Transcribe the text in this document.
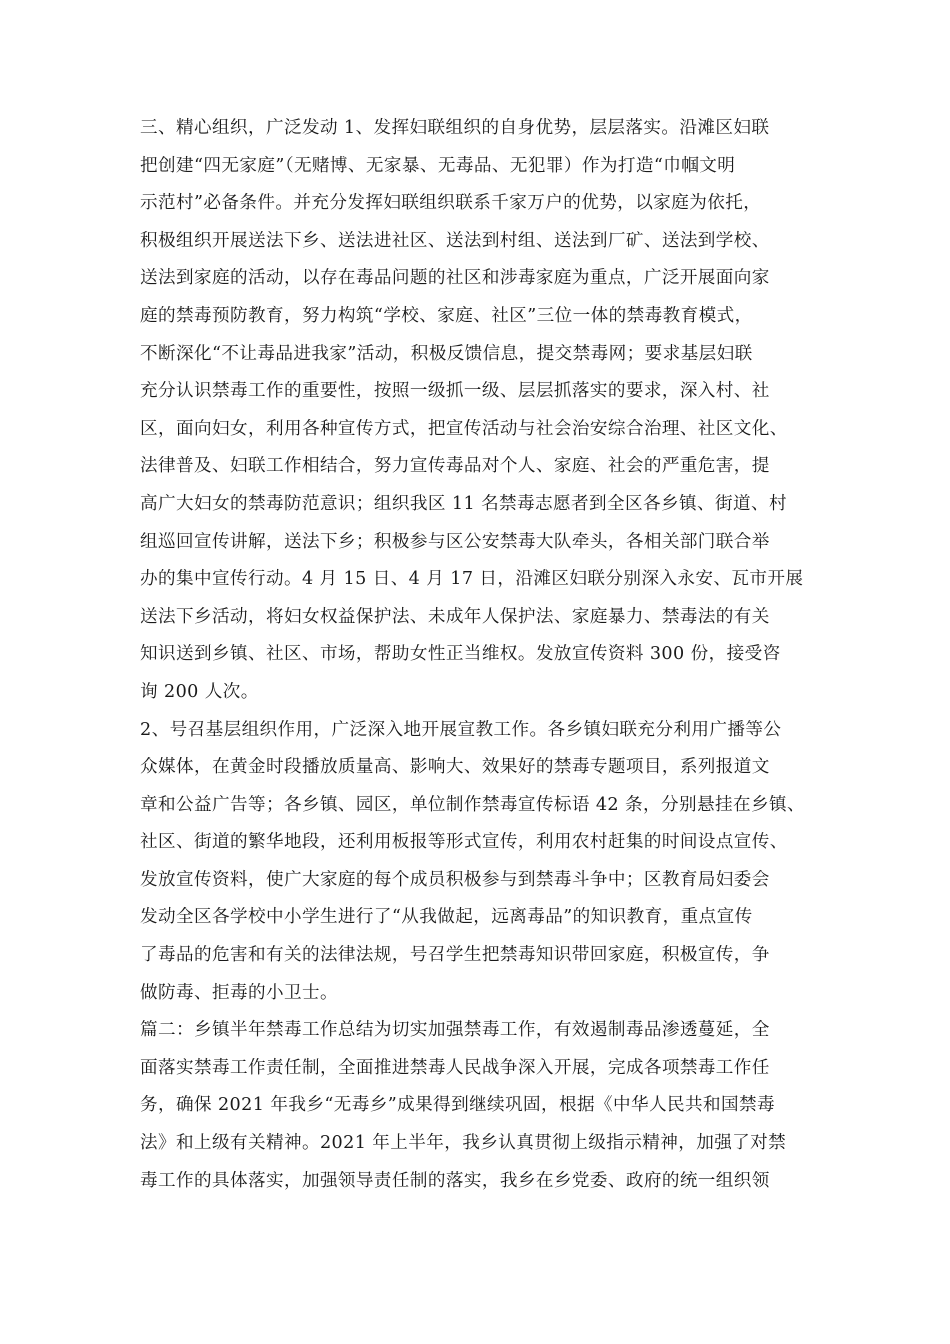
三、精心组织，广泛发动 1、发挥妇联组织的自身优势，层层落实。沿滩区妇联
把创建“四无家庭”（无赌博、无家暴、无毒品、无犯罪）作为打造“巾帼文明
示范村”必备条件。并充分发挥妇联组织联系千家万户的优势，以家庭为依托，
积极组织开展送法下乡、送法进社区、送法到村组、送法到厂矿、送法到学校、
送法到家庭的活动，以存在毒品问题的社区和涉毒家庭为重点，广泛开展面向家
庭的禁毒预防教育，努力构筑“学校、家庭、社区”三位一体的禁毒教育模式，
不断深化“不让毒品进我家”活动，积极反馈信息，提交禁毒网；要求基层妇联
充分认识禁毒工作的重要性，按照一级抓一级、层层抓落实的要求，深入村、社
区，面向妇女，利用各种宣传方式，把宣传活动与社会治安综合治理、社区文化、
法律普及、妇联工作相结合，努力宣传毒品对个人、家庭、社会的严重危害，提
高广大妇女的禁毒防范意识；组织我区 11 名禁毒志愿者到全区各乡镇、街道、村
组巡回宣传讲解，送法下乡；积极参与区公安禁毒大队牵头，各相关部门联合举
办的集中宣传行动。4 月 15 日、4 月 17 日，沿滩区妇联分别深入永安、瓦市开展
送法下乡活动，将妇女权益保护法、未成年人保护法、家庭暴力、禁毒法的有关
知识送到乡镇、社区、市场，帮助女性正当维权。发放宣传资料 300 份，接受咨
询 200 人次。
2、号召基层组织作用，广泛深入地开展宣教工作。各乡镇妇联充分利用广播等公
众媒体，在黄金时段播放质量高、影响大、效果好的禁毒专题项目，系列报道文
章和公益广告等；各乡镇、园区，单位制作禁毒宣传标语 42 条，分别悬挂在乡镇、
社区、街道的繁华地段，还利用板报等形式宣传，利用农村赶集的时间设点宣传、
发放宣传资料，使广大家庭的每个成员积极参与到禁毒斗争中；区教育局妇委会
发动全区各学校中小学生进行了“从我做起，远离毒品”的知识教育，重点宣传
了毒品的危害和有关的法律法规，号召学生把禁毒知识带回家庭，积极宣传，争
做防毒、拒毒的小卫士。
篇二：乡镇半年禁毒工作总结为切实加强禁毒工作，有效遏制毒品渗透蔓延，全
面落实禁毒工作责任制，全面推进禁毒人民战争深入开展，完成各项禁毒工作任
务，确保 2021 年我乡“无毒乡”成果得到继续巩固，根据《中华人民共和国禁毒
法》和上级有关精神。2021 年上半年，我乡认真贯彻上级指示精神，加强了对禁
毒工作的具体落实，加强领导责任制的落实，我乡在乡党委、政府的统一组织领
